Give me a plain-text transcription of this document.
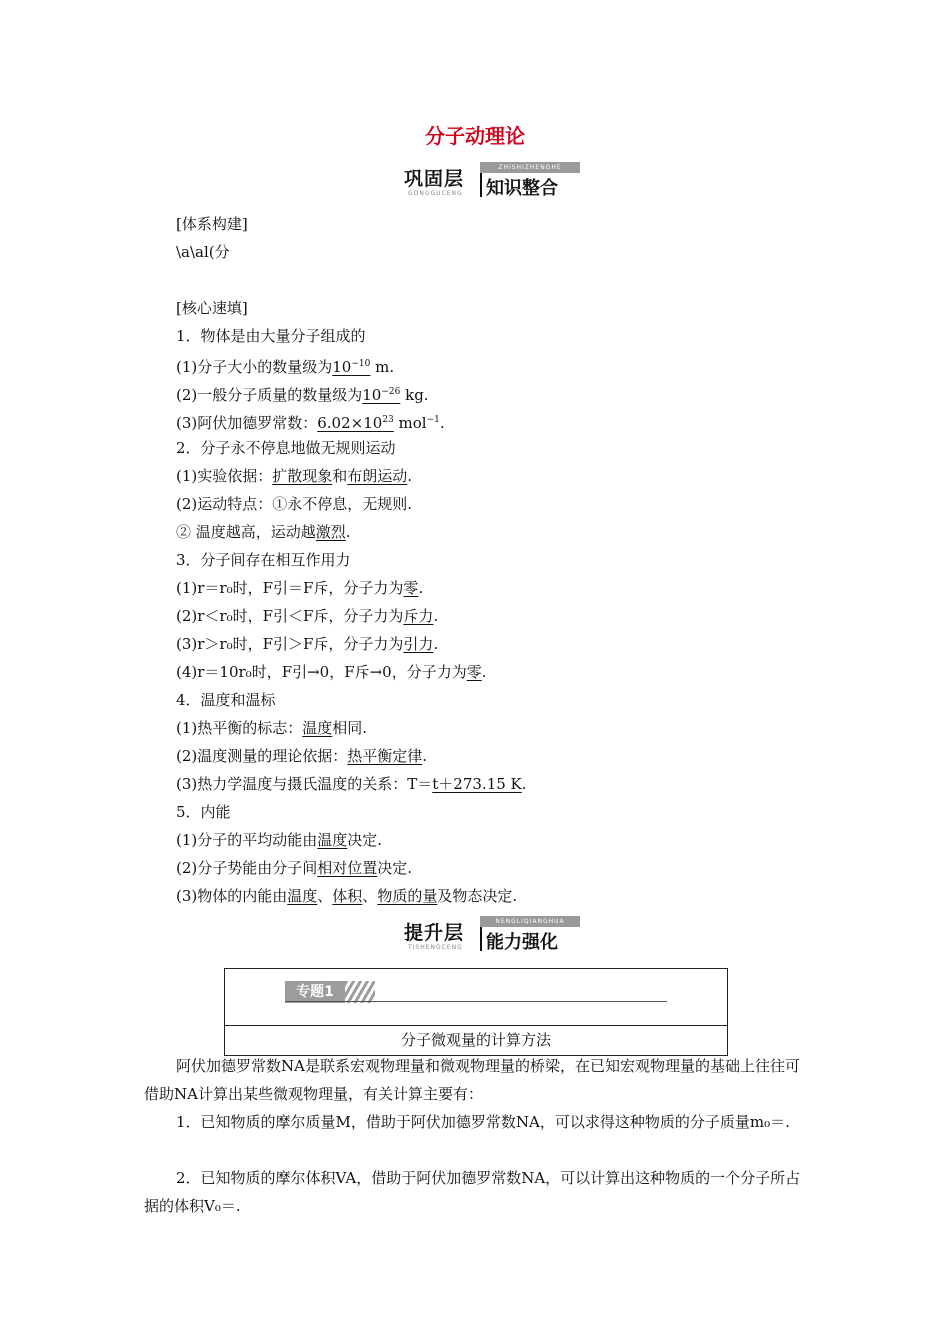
分子动理论
巩固层
ZHISHIZHENGHE
GONGGUCENG 知识整合
[体系构建]
\a\al(分
[核心速填]
1．物体是由大量分子组成的
(1)分子大小的数量级为$10^{-10}$ m.
(2)一般分子质量的数量级为$10^{-26}$ kg.
(3)阿伏加德罗常数：$6.02\times 10^{23}$ mol$^{-1}$.
2．分子永不停息地做无规则运动
(1)实验依据：扩散现象和布朗运动.
(2)运动特点：①永不停息，无规则.
② 温度越高，运动越激烈.
3．分子间存在相互作用力
(1)r＝r₀时，F引＝F斥，分子力为零.
(2)r＜r₀时，F引＜F斥，分子力为斥力.
(3)r＞r₀时，F引＞F斥，分子力为引力.
(4)r＝10r₀时，F引→0，F斥→0，分子力为零.
4．温度和温标
(1)热平衡的标志：温度相同.
(2)温度测量的理论依据：热平衡定律.
(3)热力学温度与摄氏温度的关系：T＝t＋273.15 K.
5．内能
(1)分子的平均动能由温度决定.
(2)分子势能由分子间相对位置决定.
(3)物体的内能由温度、体积、物质的量及物态决定.
提升层
NENGLIQIANGHUA
TISHENGCENG 能力强化
专题1
分子微观量的计算方法
阿伏加德罗常数NA是联系宏观物理量和微观物理量的桥梁，在已知宏观物理量的基础上往往可借助NA计算出某些微观物理量，有关计算主要有：
1．已知物质的摩尔质量M，借助于阿伏加德罗常数NA，可以求得这种物质的分子质量m₀＝.
2．已知物质的摩尔体积VA，借助于阿伏加德罗常数NA，可以计算出这种物质的一个分子所占据的体积V₀＝.
